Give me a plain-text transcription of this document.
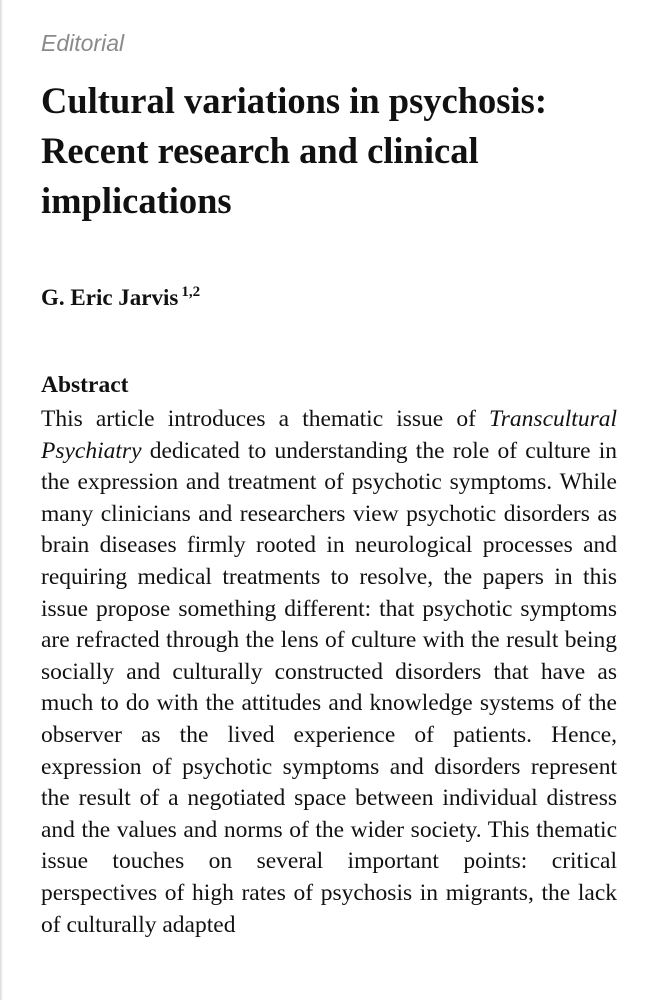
Editorial

Cultural variations in psychosis: Recent research and clinical implications

G. Eric Jarvis $^{1,2}$

Abstract

This article introduces a thematic issue of Transcultural Psychiatry dedicated to understanding the role of culture in the expression and treatment of psychotic symptoms. While many clinicians and researchers view psychotic disorders as brain diseases firmly rooted in neurological processes and requiring medical treatments to resolve, the papers in this issue propose something different: that psychotic symptoms are refracted through the lens of culture with the result being socially and culturally constructed disorders that have as much to do with the attitudes and knowledge systems of the observer as the lived experience of patients. Hence, expression of psychotic symptoms and disorders represent the result of a negotiated space between individual distress and the values and norms of the wider society. This thematic issue touches on several important points: critical perspectives of high rates of psychosis in migrants, the lack of culturally adapted
